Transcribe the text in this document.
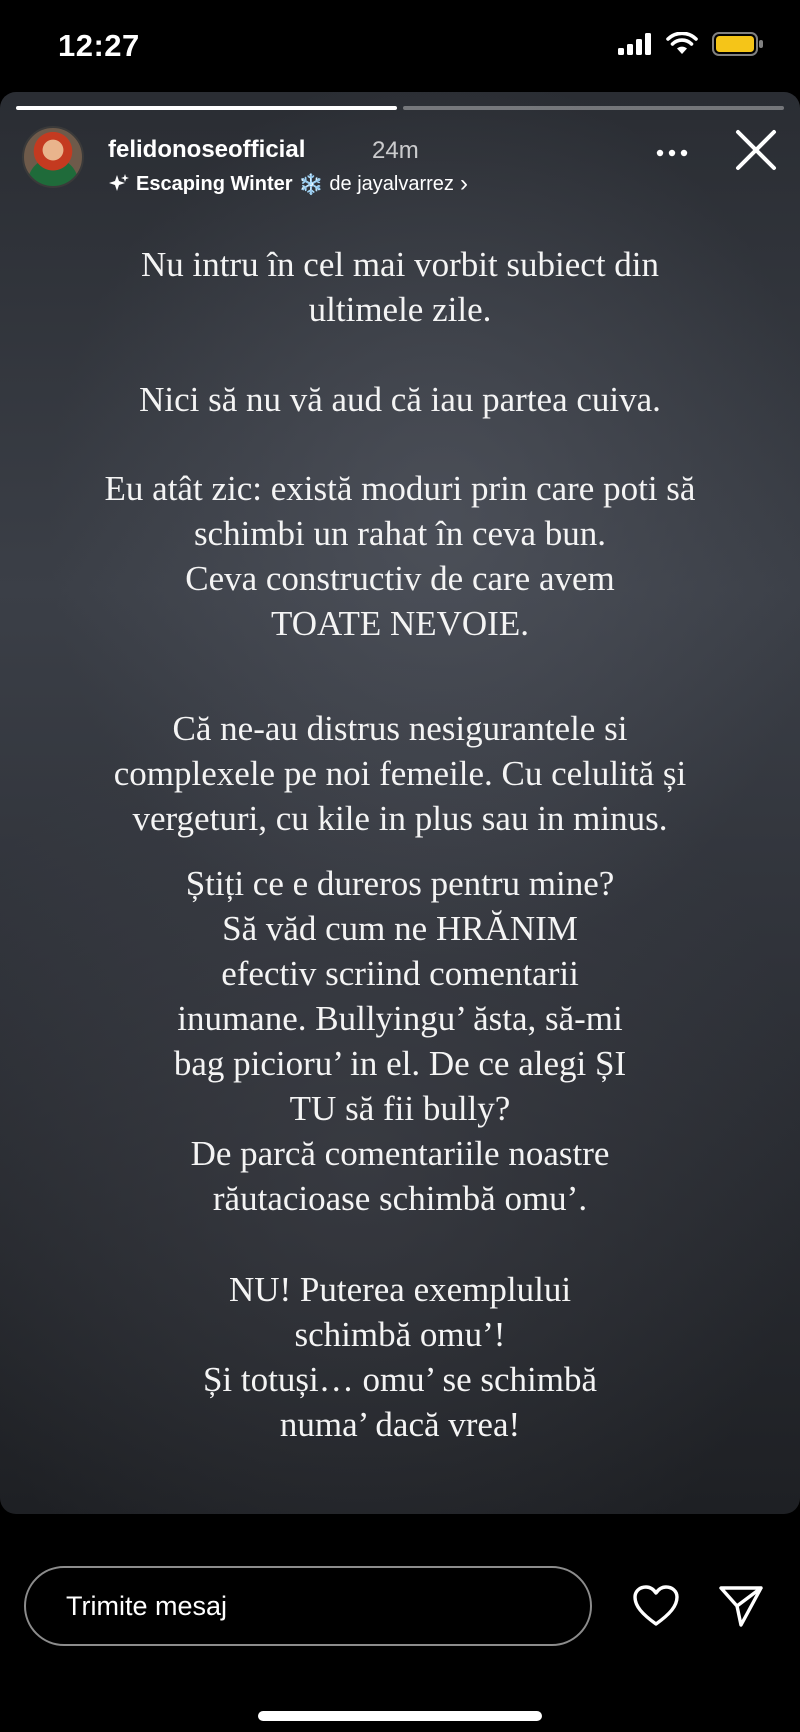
12:27
felidonoseofficial	24m
Escaping Winter ❄️ de jayalvarrez ›

Nu intru în cel mai vorbit subiect din
ultimele zile.

Nici să nu vă aud că iau partea cuiva.

Eu atât zic: există moduri prin care poti să
schimbi un rahat în ceva bun.
Ceva constructiv de care avem
TOATE NEVOIE.

Că ne-au distrus nesigurantele si
complexele pe noi femeile. Cu celulită și
vergeturi, cu kile in plus sau in minus.

Știți ce e dureros pentru mine?
Să văd cum ne HRĂNIM
efectiv scriind comentarii
inumane. Bullyingu’ ăsta, să-mi
bag picioru’ in el. De ce alegi ȘI
TU să fii bully?
De parcă comentariile noastre
răutacioase schimbă omu’.

NU! Puterea exemplului
schimbă omu’!
Și totuși… omu’ se schimbă
numa’ dacă vrea!

Trimite mesaj
